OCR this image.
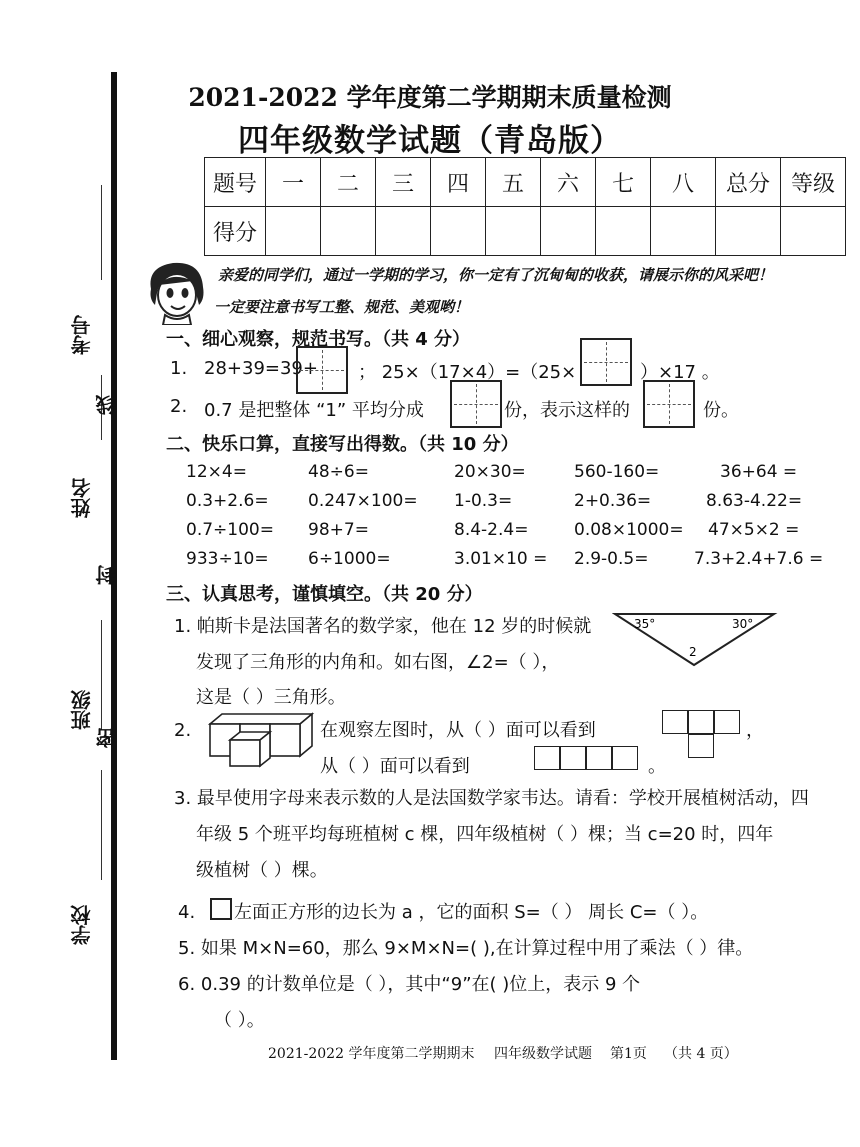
2021-2022 学年度第二学期期末质量检测
四年级数学试题（青岛版）
题号	一	二	三	四	五	六	七	八	总分	等级
得分										
考号
线
姓名
封
班级
密
学校
亲爱的同学们，通过一学期的学习，你一定有了沉甸甸的收获，请展示你的风采吧！
一定要注意书写工整、规范、美观哟！
一、细心观察，规范书写。（共 4 分）
1. 28+39=39+ ； 25×（17×4）=（25×	）×17 。
2. 0.7 是把整体 “1” 平均分成	份，表示这样的	份。
二、快乐口算，直接写出得数。（共 10 分）
12×4=	48÷6=	20×30=	560-160=	36+64 =
0.3+2.6= 0.247×100= 1-0.3=	2+0.36=	8.63-4.22=
0.7÷100= 98+7=	8.4-2.4=	0.08×1000= 47×5×2 =
933÷10= 6÷1000=	3.01×10 = 2.9-0.5=	7.3+2.4+7.6 =
三、认真思考，谨慎填空。（共 20 分）
1. 帕斯卡是法国著名的数学家，他在 12 岁的时候就
发现了三角形的内角和。如右图，∠2=（ ），
这是（ ）三角形。
35°	30°
2
2.	在观察左图时，从（ ）面可以看到	，
从（ ）面可以看到	。
3. 最早使用字母来表示数的人是法国数学家韦达。请看：学校开展植树活动，四
年级 5 个班平均每班植树 c 棵，四年级植树（ ）棵；当 c=20 时，四年
级植树（ ）棵。
4. 左面正方形的边长为 a ，它的面积 S=（ ） 周长 C=（ ）。
5. 如果 M×N=60，那么 9×M×N=( ),在计算过程中用了乘法（ ）律。
6. 0.39 的计数单位是（ ），其中“9”在( )位上，表示 9 个
（ ）。
2021-2022 学年度第二学期期末 四年级数学试题 第1页 （共 4 页）
